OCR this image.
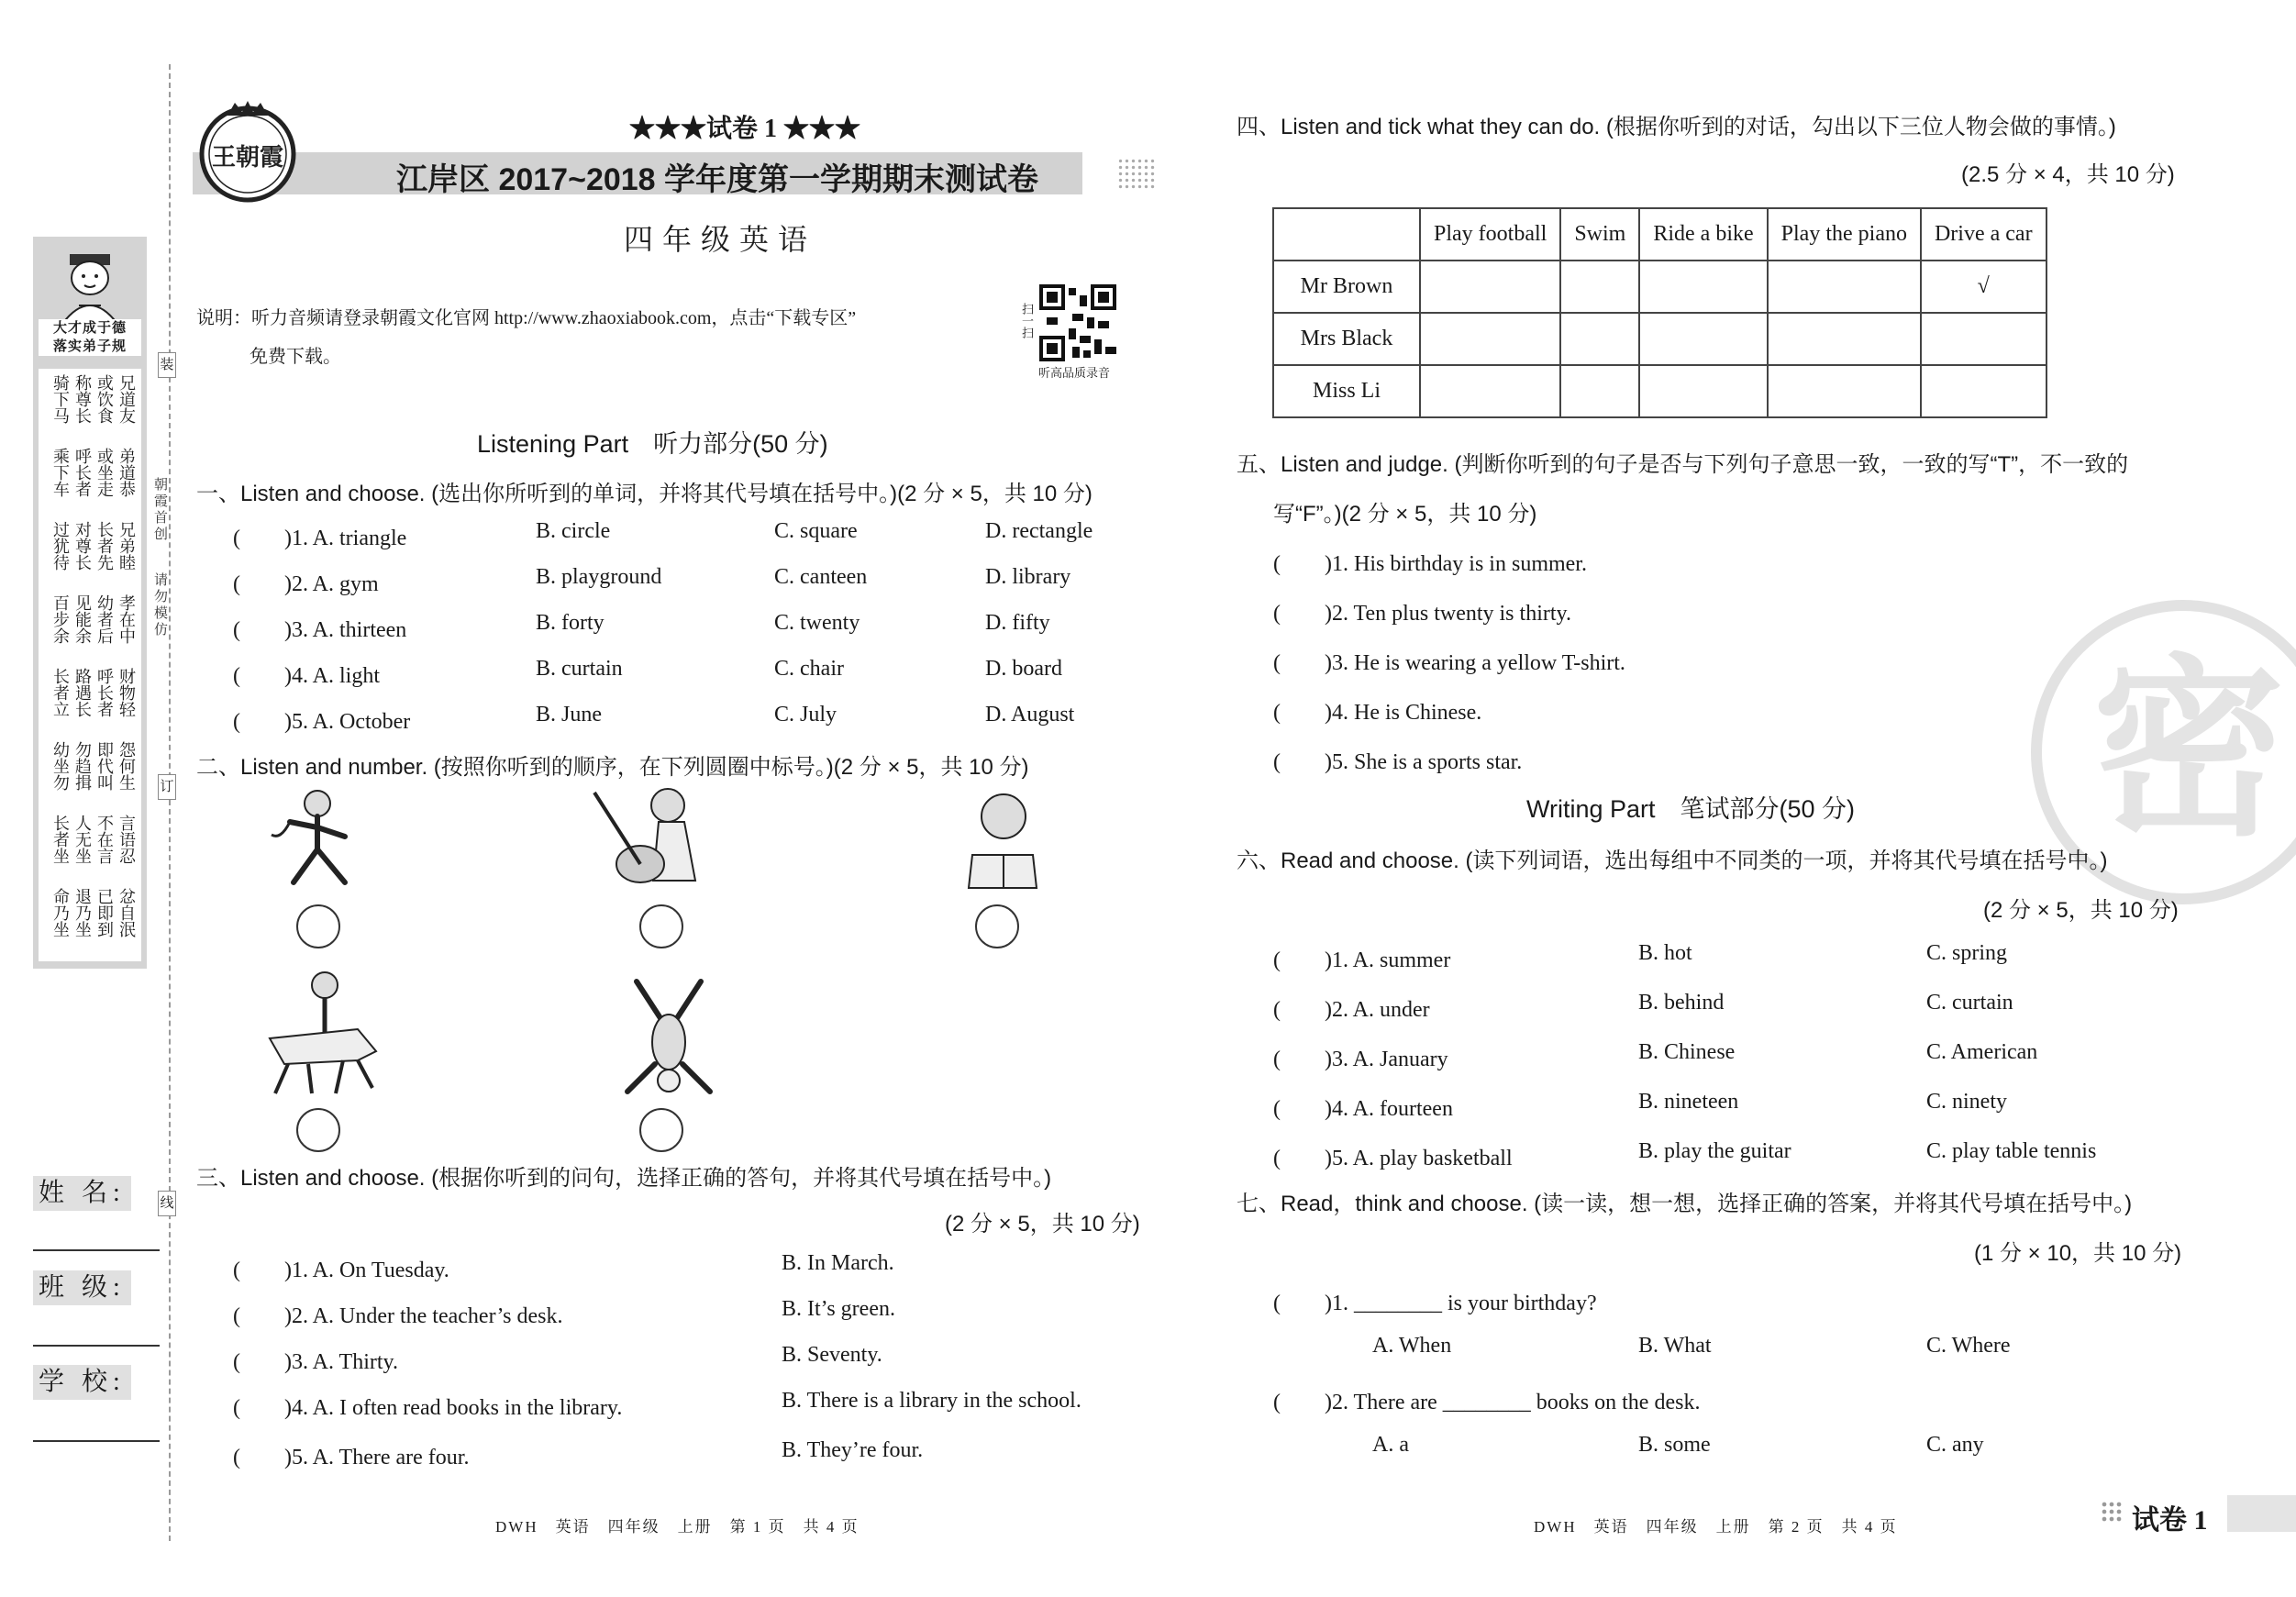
大才成于德
落实弟子规
兄道友
或饮食
称尊长
骑下马
弟道恭
或坐走
呼长者
乘下车
兄弟睦
长者先
对尊长
过犹待
孝在中
幼者后
见能余
百步余
财物轻
呼长者
路遇长
长者立
怨何生
即代叫
勿趋揖
幼坐勿
言语忍
不在言
人无坐
长者坐
忿自泯
已即到
退乃坐
命乃坐
装
订
线
朝霞首创
请勿模仿
姓 名:
班 级:
学 校:
王朝霞
★★★试卷 1 ★★★
江岸区 2017~2018 学年度第一学期期末测试卷
四年级英语
说明：听力音频请登录朝霞文化官网 http://www.zhaoxiabook.com，点击“下载专区”
免费下载。
扫一扫
听高品质录音
Listening Part　听力部分(50 分)
一、Listen and choose. (选出你所听到的单词，并将其代号填在括号中。)(2 分 × 5，共 10 分)
(　　)1. A. triangle	B. circle	C. square	D. rectangle
(　　)2. A. gym	B. playground	C. canteen	D. library
(　　)3. A. thirteen	B. forty	C. twenty	D. fifty
(　　)4. A. light	B. curtain	C. chair	D. board
(　　)5. A. October	B. June	C. July	D. August
二、Listen and number. (按照你听到的顺序，在下列圆圈中标号。)(2 分 × 5，共 10 分)
三、Listen and choose. (根据你听到的问句，选择正确的答句，并将其代号填在括号中。)
(2 分 × 5，共 10 分)
(　　)1. A. On Tuesday.	B. In March.
(　　)2. A. Under the teacher’s desk.	B. It’s green.
(　　)3. A. Thirty.	B. Seventy.
(　　)4. A. I often read books in the library.	B. There is a library in the school.
(　　)5. A. There are four.	B. They’re four.
DWH　英语　四年级　上册　第 1 页　共 4 页
密
四、Listen and tick what they can do. (根据你听到的对话，勾出以下三位人物会做的事情。)
(2.5 分 × 4，共 10 分)
	Play football	Swim	Ride a bike	Play the piano	Drive a car
Mr Brown					√
Mrs Black					
Miss Li					
五、Listen and judge. (判断你听到的句子是否与下列句子意思一致，一致的写“T”，不一致的
写“F”。)(2 分 × 5，共 10 分)
(　　)1. His birthday is in summer.
(　　)2. Ten plus twenty is thirty.
(　　)3. He is wearing a yellow T-shirt.
(　　)4. He is Chinese.
(　　)5. She is a sports star.
Writing Part　笔试部分(50 分)
六、Read and choose. (读下列词语，选出每组中不同类的一项，并将其代号填在括号中。)
(2 分 × 5，共 10 分)
(　　)1. A. summer	B. hot	C. spring
(　　)2. A. under	B. behind	C. curtain
(　　)3. A. January	B. Chinese	C. American
(　　)4. A. fourteen	B. nineteen	C. ninety
(　　)5. A. play basketball	B. play the guitar	C. play table tennis
七、Read，think and choose. (读一读，想一想，选择正确的答案，并将其代号填在括号中。)
(1 分 × 10，共 10 分)
(　　)1. ________ is your birthday?
A. When	B. What	C. Where
(　　)2. There are ________ books on the desk.
A. a	B. some	C. any
DWH　英语　四年级　上册　第 2 页　共 4 页	试卷 1
